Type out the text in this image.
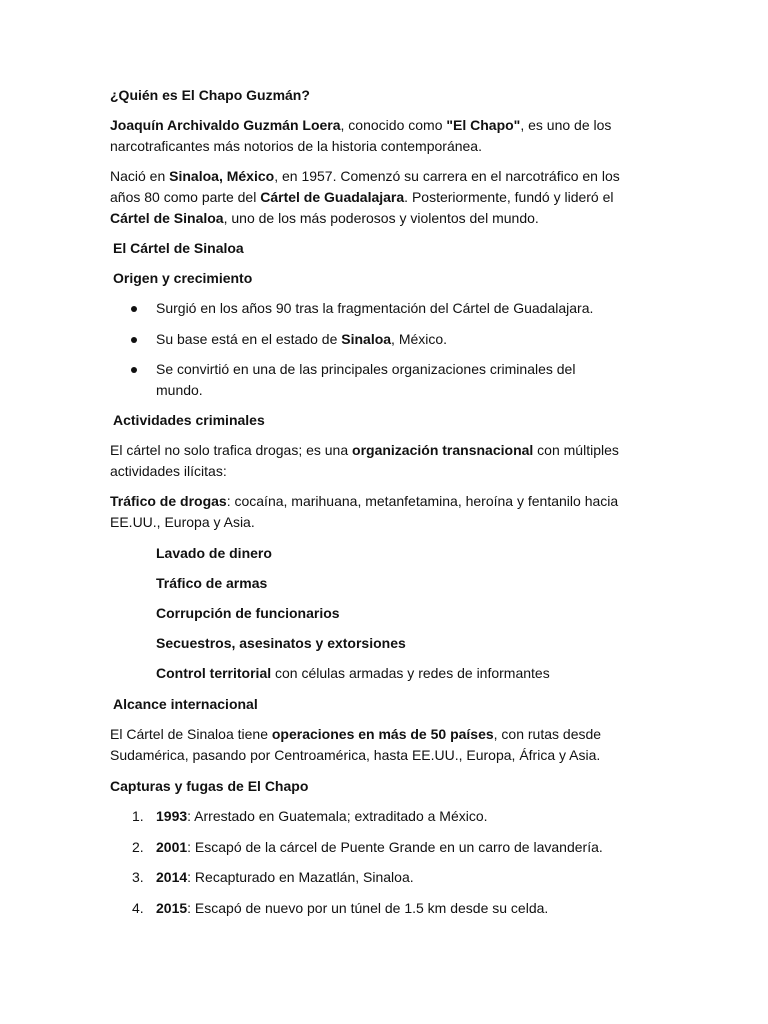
¿Quién es El Chapo Guzmán?
Joaquín Archivaldo Guzmán Loera, conocido como "El Chapo", es uno de los
narcotraficantes más notorios de la historia contemporánea.
Nació en Sinaloa, México, en 1957. Comenzó su carrera en el narcotráfico en los
años 80 como parte del Cártel de Guadalajara. Posteriormente, fundó y lideró el
Cártel de Sinaloa, uno de los más poderosos y violentos del mundo.
El Cártel de Sinaloa
Origen y crecimiento
Surgió en los años 90 tras la fragmentación del Cártel de Guadalajara.
Su base está en el estado de Sinaloa, México.
Se convirtió en una de las principales organizaciones criminales del
mundo.
Actividades criminales
El cártel no solo trafica drogas; es una organización transnacional con múltiples
actividades ilícitas:
Tráfico de drogas: cocaína, marihuana, metanfetamina, heroína y fentanilo hacia
EE.UU., Europa y Asia.
Lavado de dinero
Tráfico de armas
Corrupción de funcionarios
Secuestros, asesinatos y extorsiones
Control territorial con células armadas y redes de informantes
Alcance internacional
El Cártel de Sinaloa tiene operaciones en más de 50 países, con rutas desde
Sudamérica, pasando por Centroamérica, hasta EE.UU., Europa, África y Asia.
Capturas y fugas de El Chapo
1. 1993: Arrestado en Guatemala; extraditado a México.
2. 2001: Escapó de la cárcel de Puente Grande en un carro de lavandería.
3. 2014: Recapturado en Mazatlán, Sinaloa.
4. 2015: Escapó de nuevo por un túnel de 1.5 km desde su celda.
